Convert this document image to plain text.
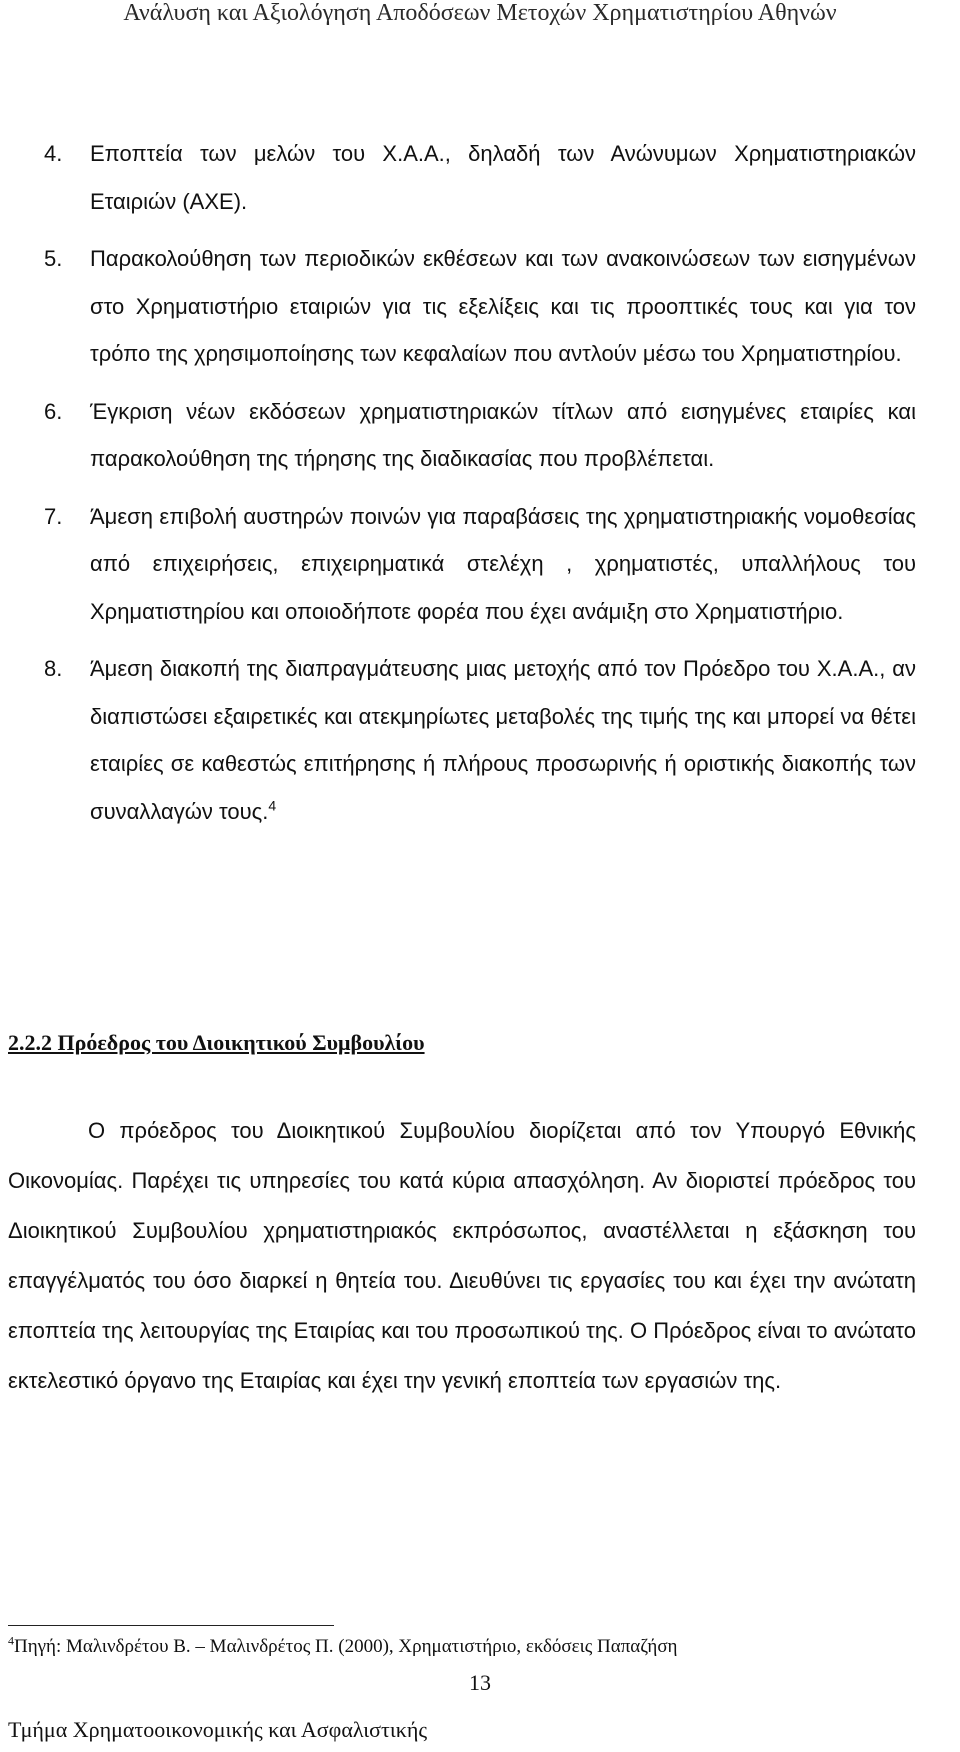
Ανάλυση και Αξιολόγηση Αποδόσεων Μετοχών Χρηματιστηρίου Αθηνών
4.	Εποπτεία των μελών του Χ.Α.Α., δηλαδή των Ανώνυμων Χρηματιστηριακών Εταιριών (ΑΧΕ).
5.	Παρακολούθηση των περιοδικών εκθέσεων και των ανακοινώσεων των εισηγμένων στο Χρηματιστήριο εταιριών για τις εξελίξεις και τις προοπτικές τους και για τον τρόπο της χρησιμοποίησης των κεφαλαίων που αντλούν μέσω του Χρηματιστηρίου.
6.	Έγκριση νέων εκδόσεων χρηματιστηριακών τίτλων από εισηγμένες εταιρίες και παρακολούθηση της τήρησης της διαδικασίας που προβλέπεται.
7.	Άμεση επιβολή αυστηρών ποινών για παραβάσεις της χρηματιστηριακής νομοθεσίας από επιχειρήσεις, επιχειρηματικά στελέχη , χρηματιστές, υπαλλήλους του Χρηματιστηρίου και οποιοδήποτε φορέα που έχει ανάμιξη στο Χρηματιστήριο.
8.	Άμεση διακοπή της διαπραγμάτευσης μιας μετοχής από τον Πρόεδρο του Χ.Α.Α., αν διαπιστώσει εξαιρετικές και ατεκμηρίωτες μεταβολές της τιμής της και μπορεί να θέτει εταιρίες σε καθεστώς επιτήρησης ή πλήρους προσωρινής ή οριστικής διακοπής των συναλλαγών τους.$^4$
2.2.2 Πρόεδρος του Διοικητικού Συμβουλίου

Ο πρόεδρος του Διοικητικού Συμβουλίου διορίζεται από τον Υπουργό Εθνικής Οικονομίας. Παρέχει τις υπηρεσίες του κατά κύρια απασχόληση. Αν διοριστεί πρόεδρος του Διοικητικού Συμβουλίου χρηματιστηριακός εκπρόσωπος, αναστέλλεται η εξάσκηση του επαγγέλματός του όσο διαρκεί η θητεία του. Διευθύνει τις εργασίες του και έχει την ανώτατη εποπτεία της λειτουργίας της Εταιρίας και του προσωπικού της. Ο Πρόεδρος είναι το ανώτατο εκτελεστικό όργανο της Εταιρίας και έχει την γενική εποπτεία των εργασιών της.

$^4$Πηγή: Μαλινδρέτου Β. – Μαλινδρέτος Π. (2000), Χρηματιστήριο, εκδόσεις Παπαζήση
13
Τμήμα Χρηματοοικονομικής και Ασφαλιστικής
